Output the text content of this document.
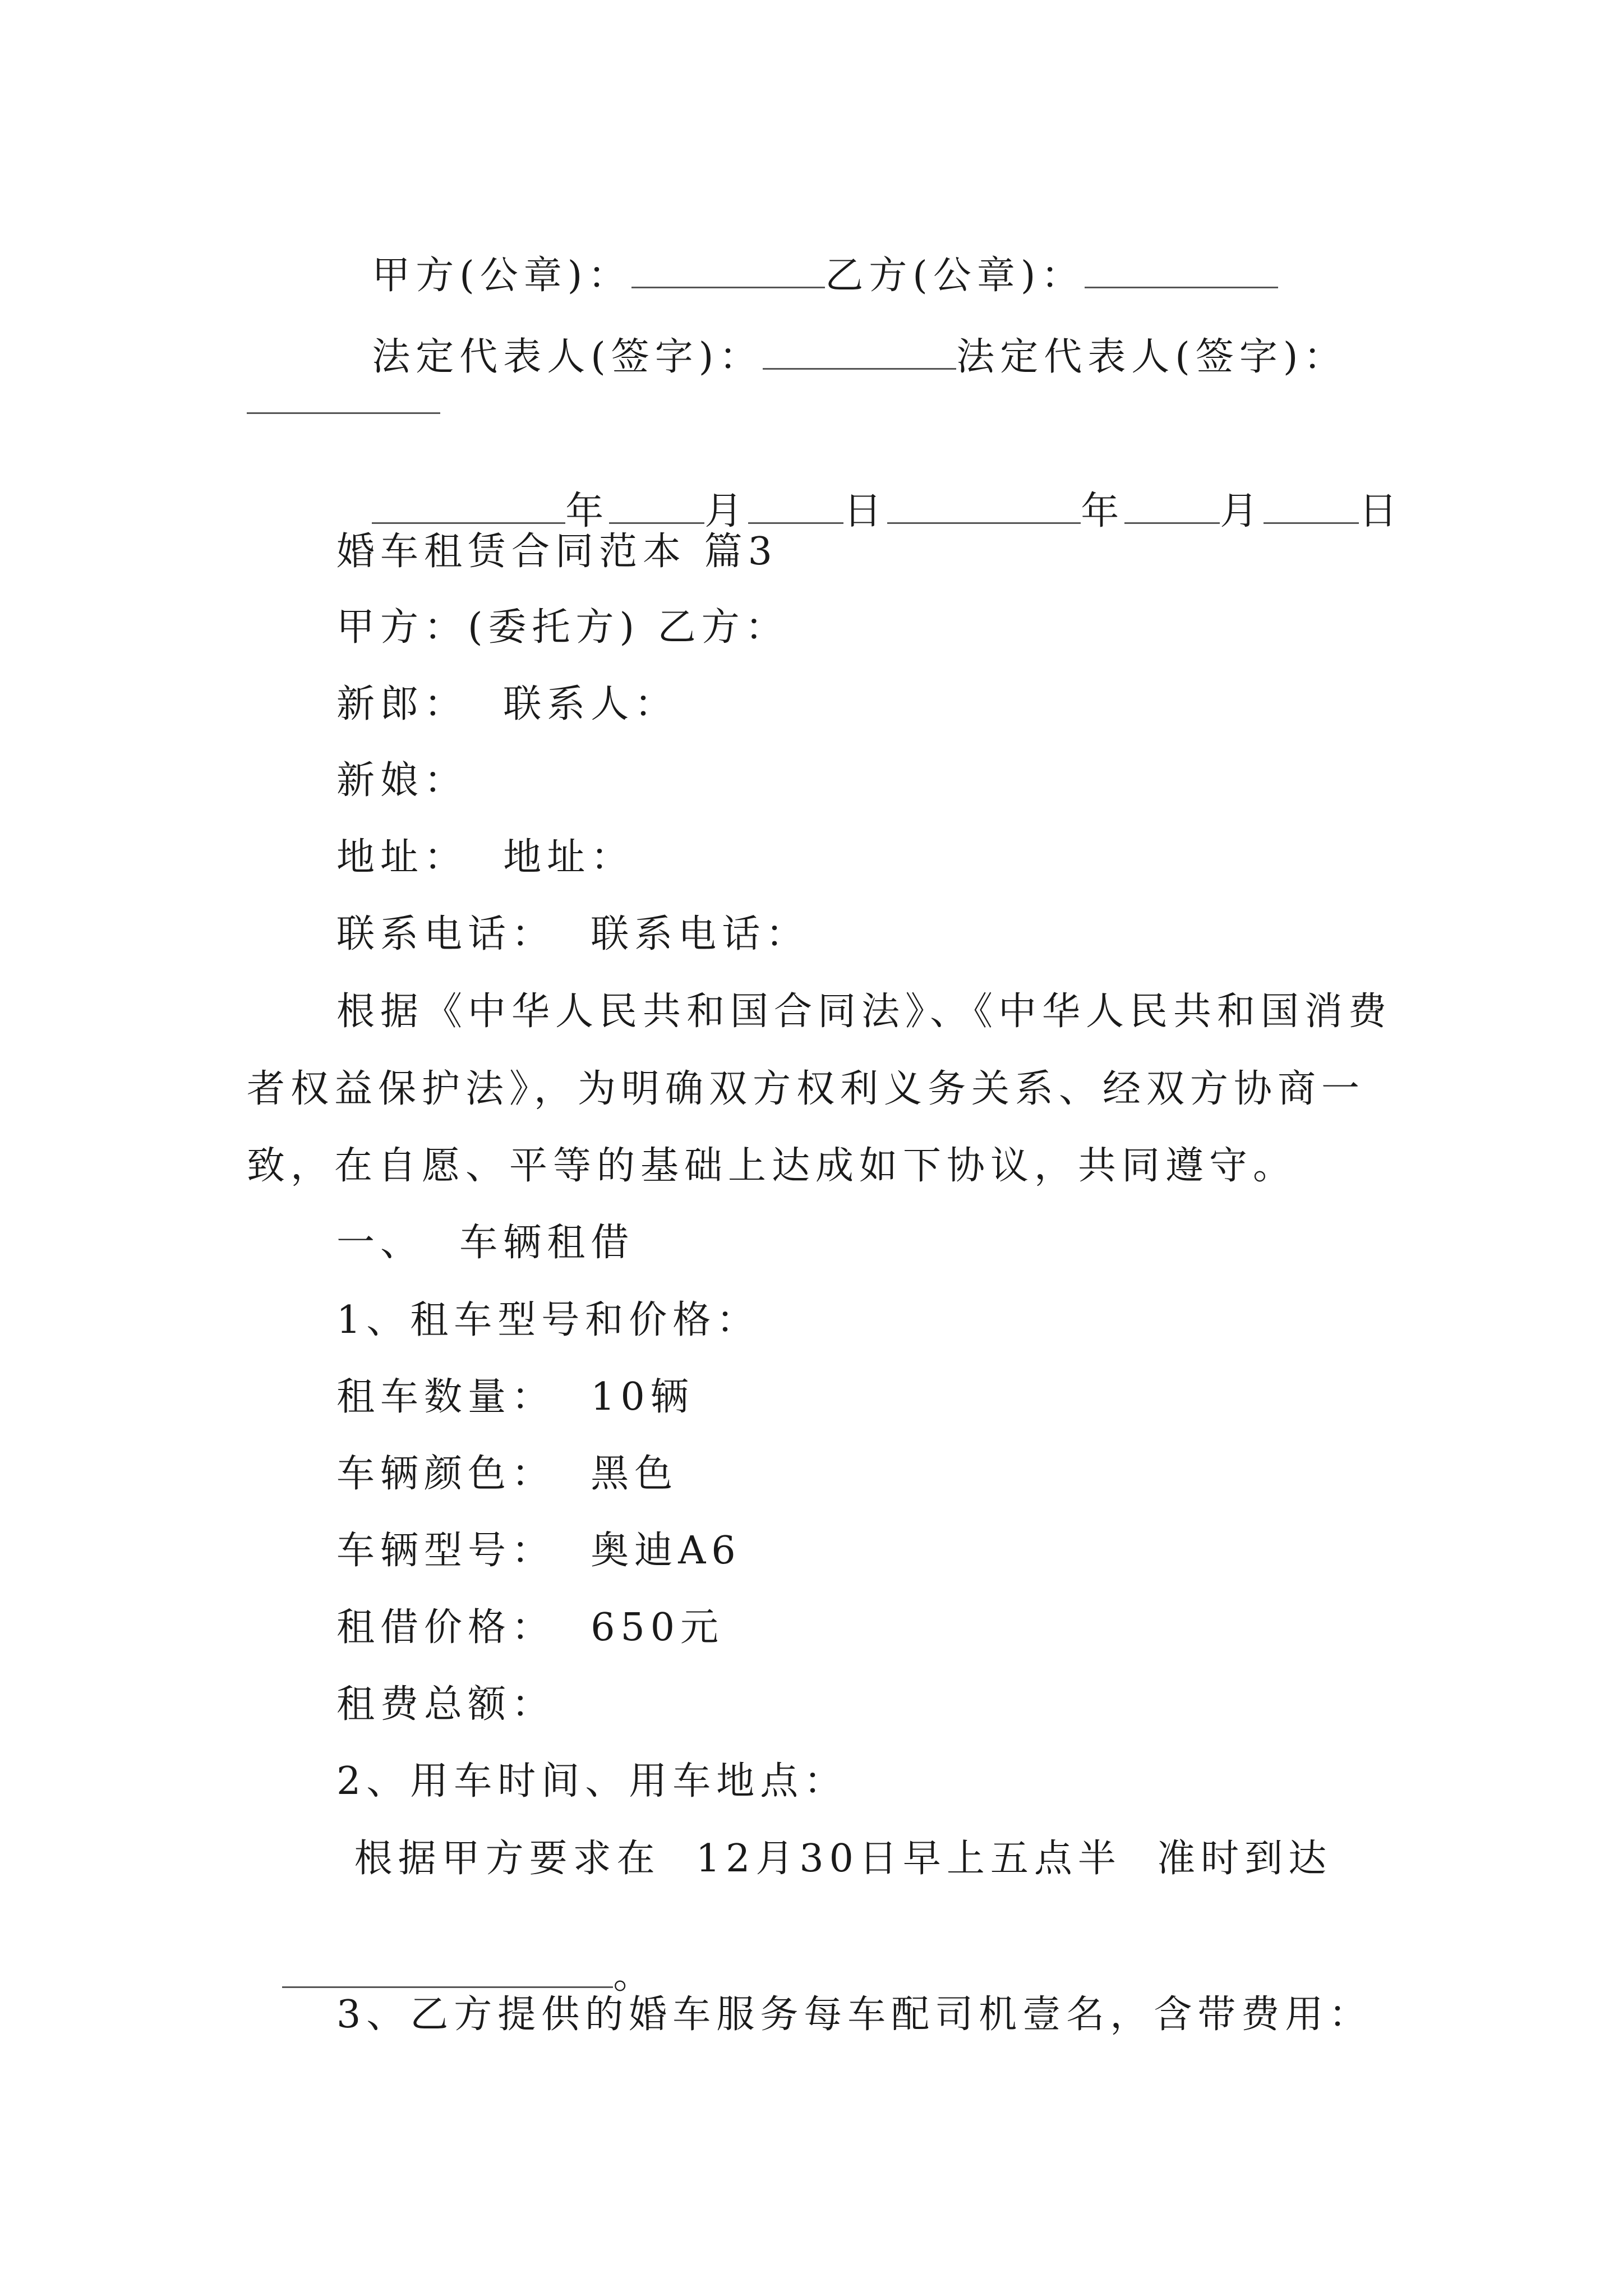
甲方(公章)：	乙方(公章)：

法定代表人(签字)：	法定代表人(签字)：

年	月	日	年	月	日

婚车租赁合同范本 篇3
甲方：(委托方) 乙方：
新郎：  联系人：
新娘：
地址：  地址：
联系电话：  联系电话：
根据《中华人民共和国合同法》、《中华人民共和国消费
者权益保护法》，为明确双方权利义务关系、经双方协商一
致，在自愿、平等的基础上达成如下协议，共同遵守。
一、  车辆租借
1、租车型号和价格：
租车数量：  10辆
车辆颜色：  黑色
车辆型号：  奥迪A6
租借价格：  650元
租费总额：
2、用车时间、用车地点：
根据甲方要求在  12月30日早上五点半  准时到达

。

3、乙方提供的婚车服务每车配司机壹名，含带费用：
